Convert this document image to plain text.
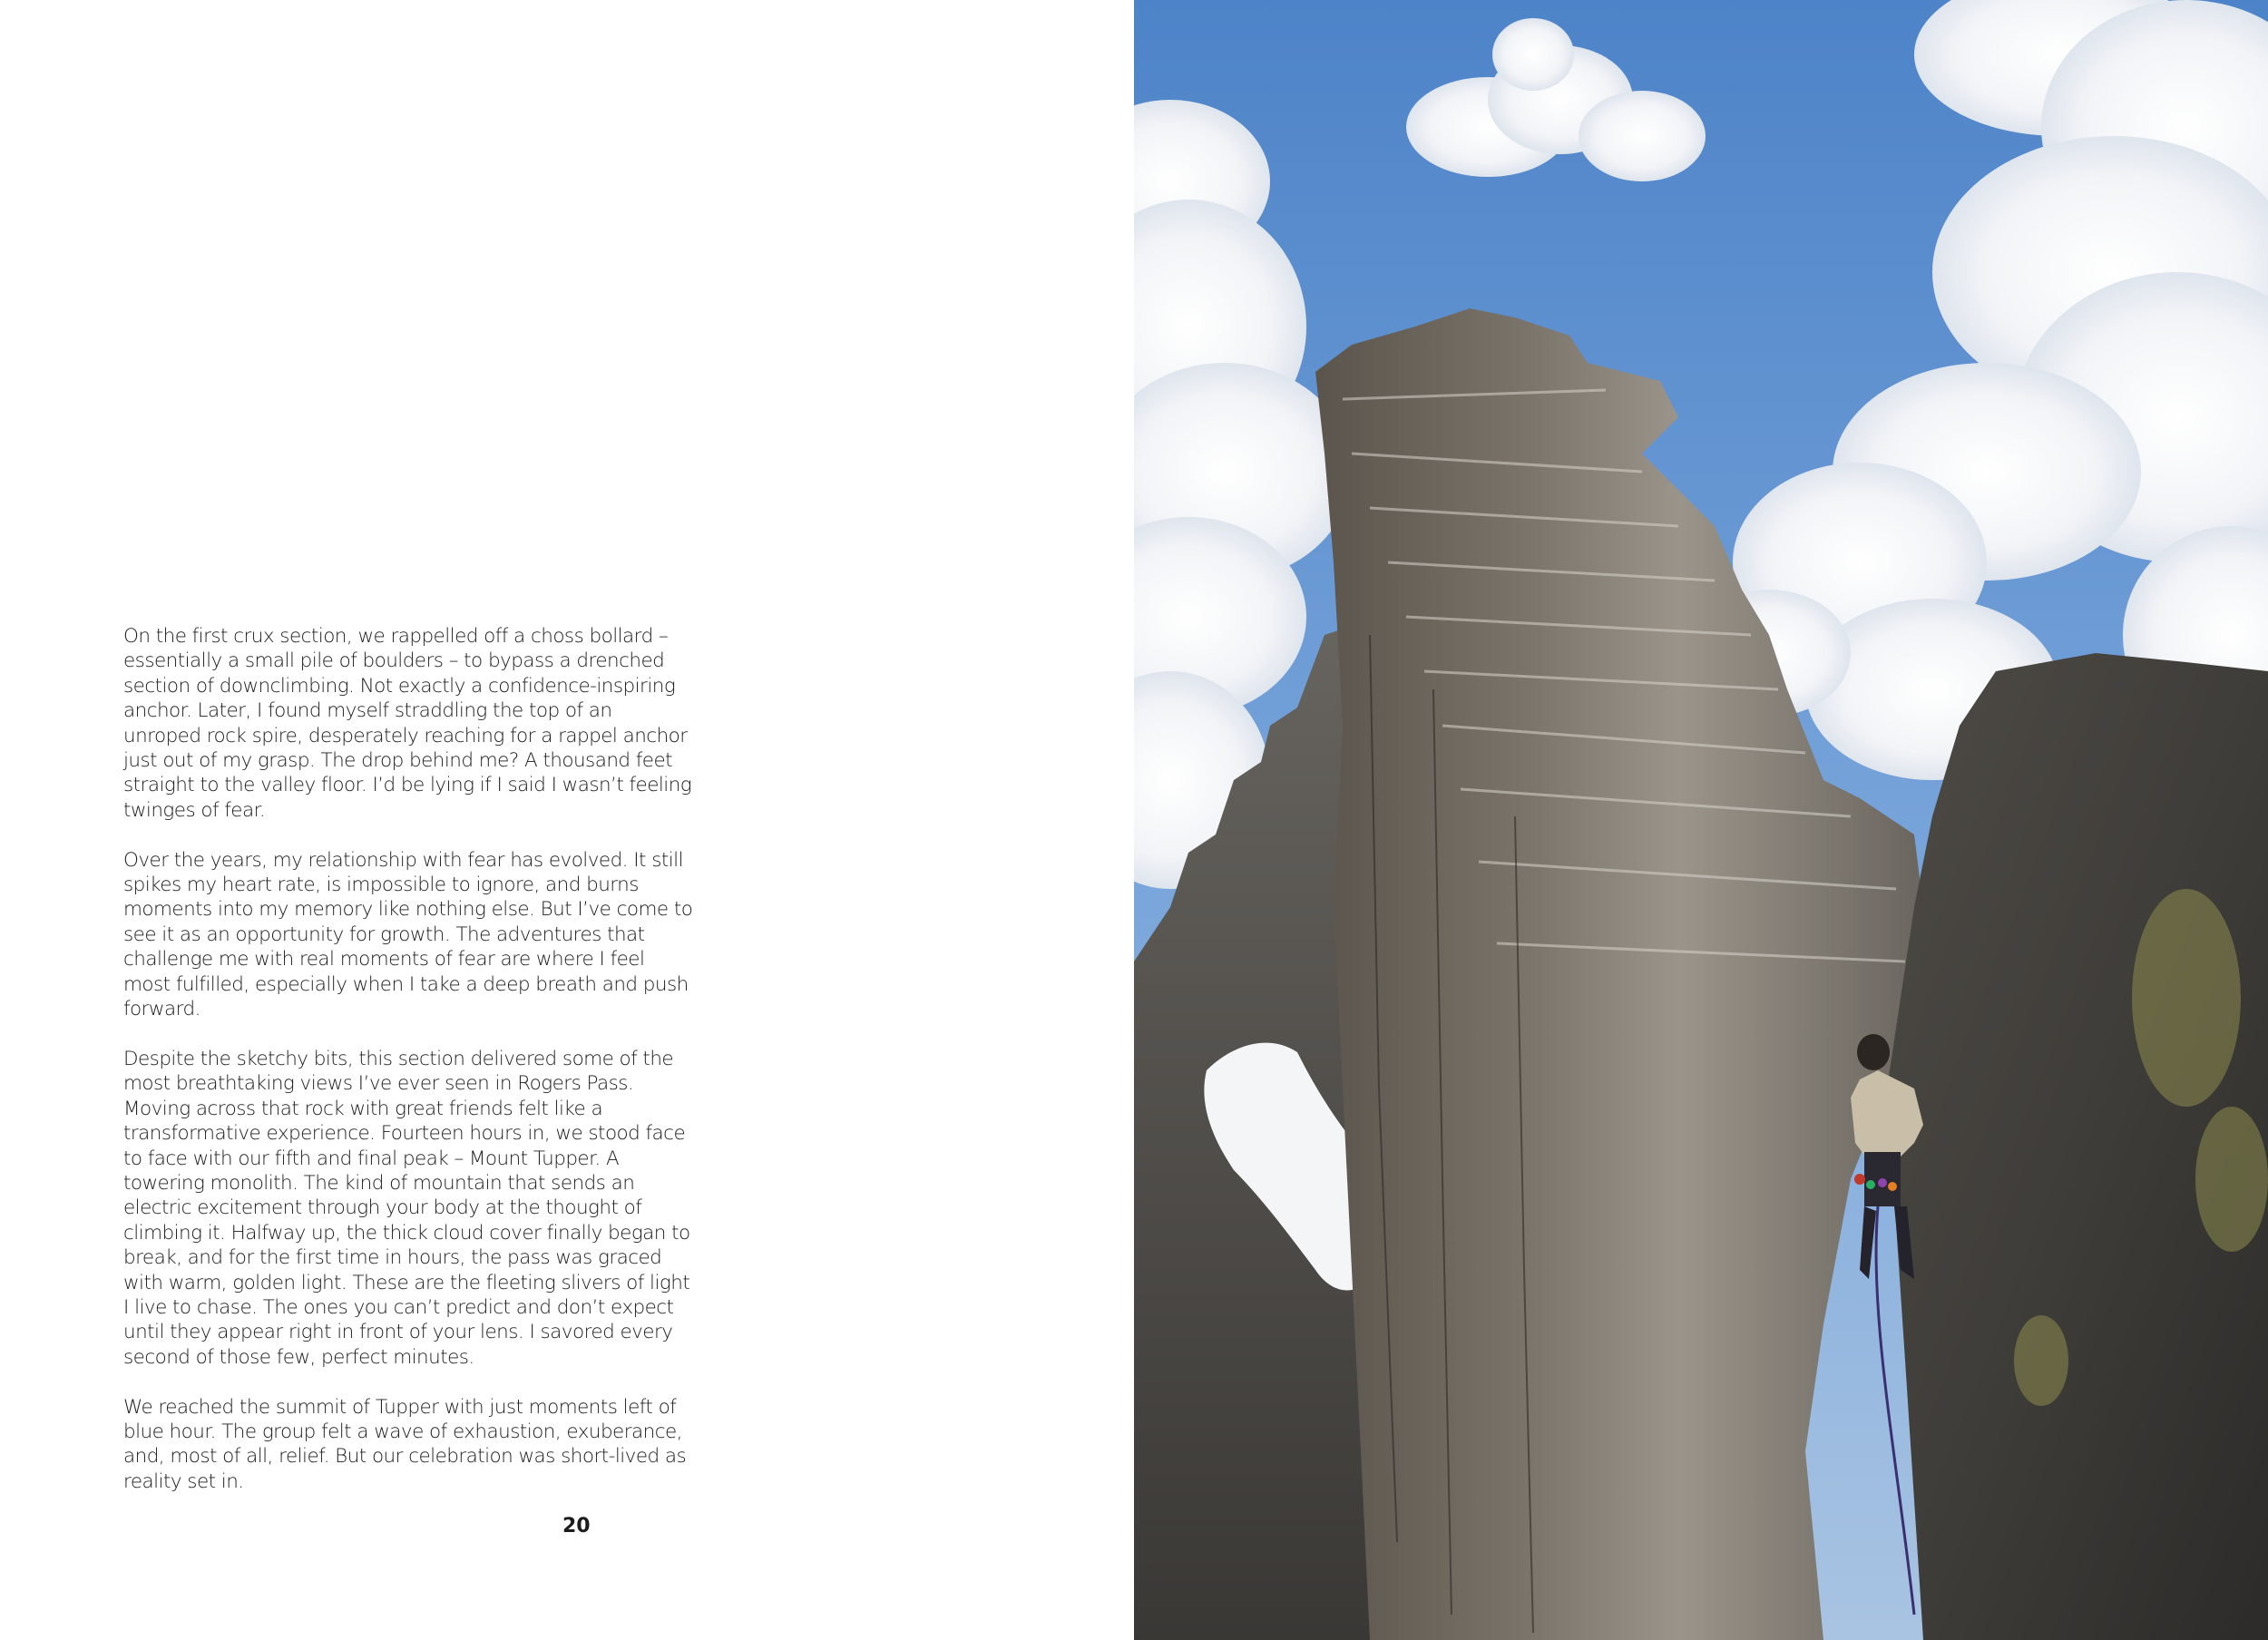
On the first crux section, we rappelled off a choss bollard – essentially a small pile of boulders – to bypass a drenched section of downclimbing. Not exactly a confidence-inspiring anchor. Later, I found myself straddling the top of an unroped rock spire, desperately reaching for a rappel anchor just out of my grasp. The drop behind me? A thousand feet straight to the valley floor. I’d be lying if I said I wasn’t feeling twinges of fear.

Over the years, my relationship with fear has evolved. It still spikes my heart rate, is impossible to ignore, and burns moments into my memory like nothing else. But I’ve come to see it as an opportunity for growth. The adventures that challenge me with real moments of fear are where I feel most fulfilled, especially when I take a deep breath and push forward.

Despite the sketchy bits, this section delivered some of the most breathtaking views I’ve ever seen in Rogers Pass. Moving across that rock with great friends felt like a transformative experience. Fourteen hours in, we stood face to face with our fifth and final peak – Mount Tupper. A towering monolith. The kind of mountain that sends an electric excitement through your body at the thought of climbing it. Halfway up, the thick cloud cover finally began to break, and for the first time in hours, the pass was graced with warm, golden light. These are the fleeting slivers of light I live to chase. The ones you can’t predict and don’t expect until they appear right in front of your lens. I savored every second of those few, perfect minutes.

We reached the summit of Tupper with just moments left of blue hour. The group felt a wave of exhaustion, exuberance, and, most of all, relief. But our celebration was short-lived as reality set in.

20
